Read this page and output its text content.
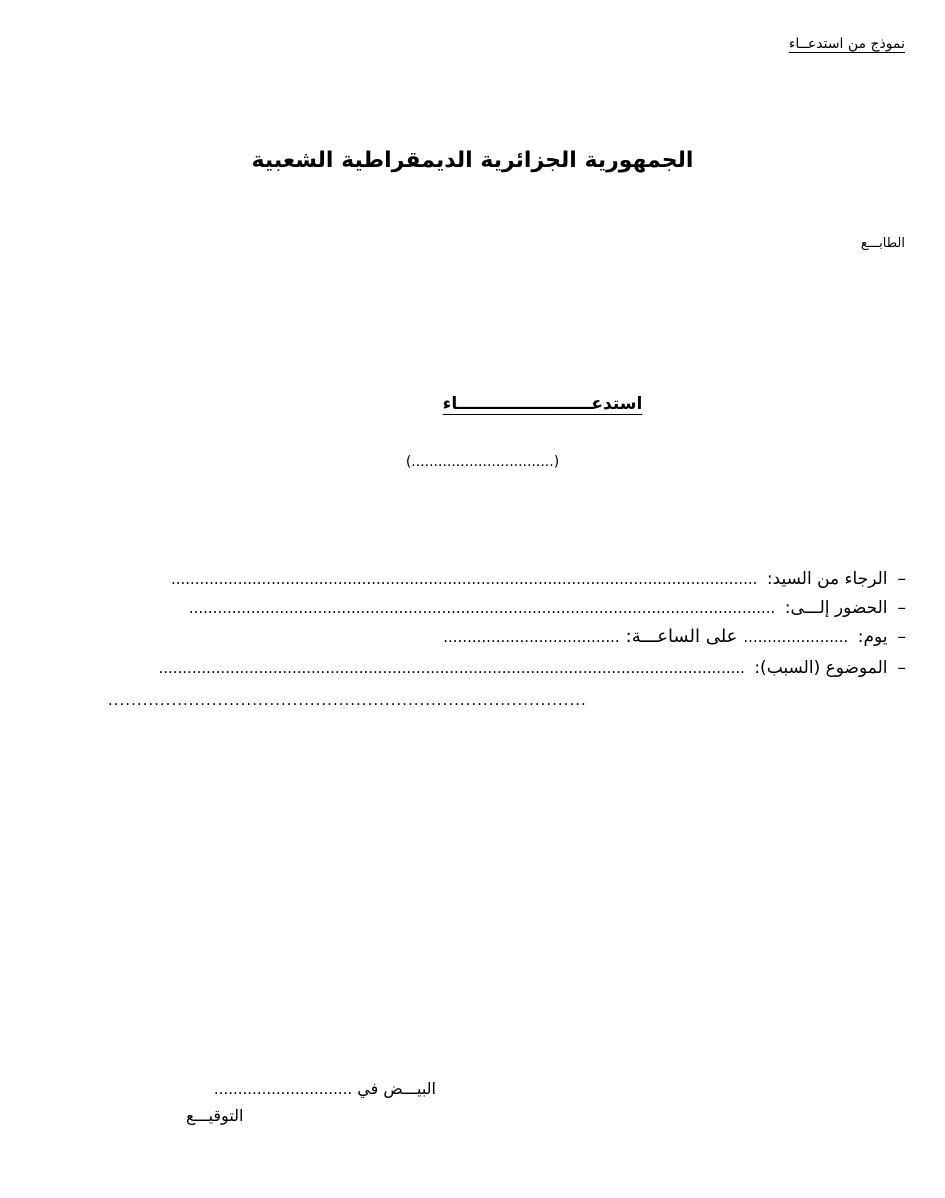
نموذج من استدعــاء
الجمهورية الجزائرية الديمقراطية الشعبية
الطابـــع
استدعـــــــــــــــــــــــاء
(................................)
–الرجاء من السيد: ...........................................................................................................................
–الحضور إلـــى: ...........................................................................................................................
–يوم: ......................على الساعـــة:.....................................
–الموضوع (السبب): ...........................................................................................................................
...................................................................................
البيـــض في .............................
التوقيـــع
